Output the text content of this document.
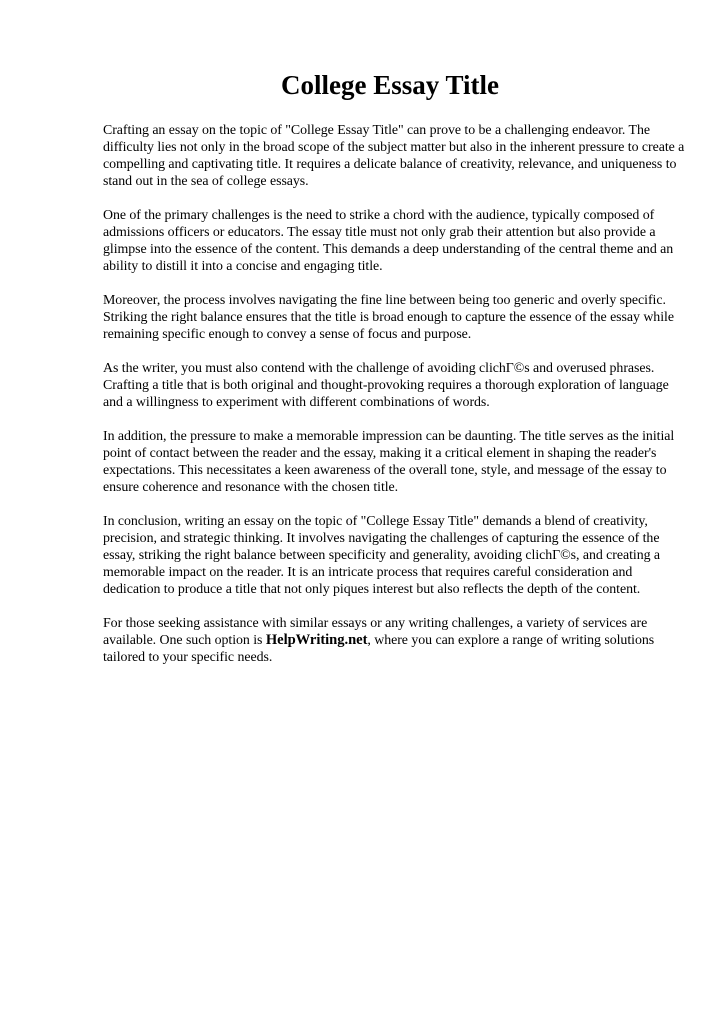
College Essay Title

Crafting an essay on the topic of "College Essay Title" can prove to be a challenging endeavor. The difficulty lies not only in the broad scope of the subject matter but also in the inherent pressure to create a compelling and captivating title. It requires a delicate balance of creativity, relevance, and uniqueness to stand out in the sea of college essays.

One of the primary challenges is the need to strike a chord with the audience, typically composed of admissions officers or educators. The essay title must not only grab their attention but also provide a glimpse into the essence of the content. This demands a deep understanding of the central theme and an ability to distill it into a concise and engaging title.

Moreover, the process involves navigating the fine line between being too generic and overly specific. Striking the right balance ensures that the title is broad enough to capture the essence of the essay while remaining specific enough to convey a sense of focus and purpose.

As the writer, you must also contend with the challenge of avoiding clichΓ©s and overused phrases. Crafting a title that is both original and thought-provoking requires a thorough exploration of language and a willingness to experiment with different combinations of words.

In addition, the pressure to make a memorable impression can be daunting. The title serves as the initial point of contact between the reader and the essay, making it a critical element in shaping the reader's expectations. This necessitates a keen awareness of the overall tone, style, and message of the essay to ensure coherence and resonance with the chosen title.

In conclusion, writing an essay on the topic of "College Essay Title" demands a blend of creativity, precision, and strategic thinking. It involves navigating the challenges of capturing the essence of the essay, striking the right balance between specificity and generality, avoiding clichΓ©s, and creating a memorable impact on the reader. It is an intricate process that requires careful consideration and dedication to produce a title that not only piques interest but also reflects the depth of the content.

For those seeking assistance with similar essays or any writing challenges, a variety of services are available. One such option is HelpWriting.net, where you can explore a range of writing solutions tailored to your specific needs.
